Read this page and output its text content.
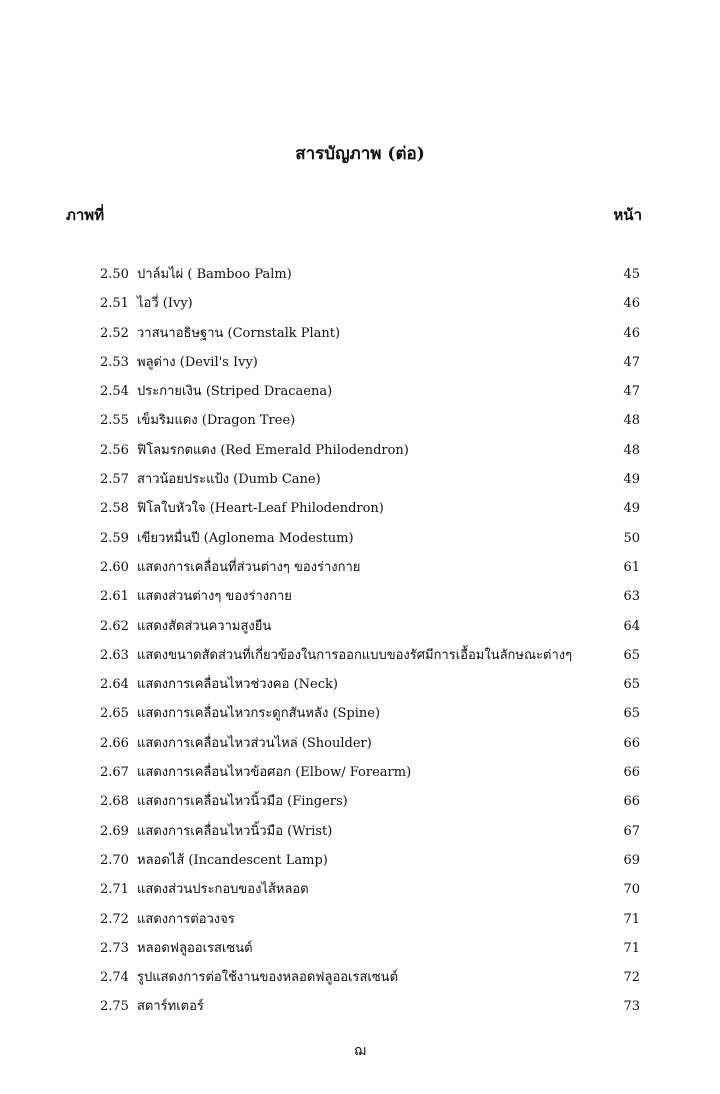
สารบัญภาพ (ต่อ)
ภาพที่	หน้า
2.50 ปาล์มไผ่ ( Bamboo Palm)	45
2.51 ไอวี่ (Ivy)	46
2.52 วาสนาอธิษฐาน (Cornstalk Plant)	46
2.53 พลูด่าง (Devil's Ivy)	47
2.54 ประกายเงิน (Striped Dracaena)	47
2.55 เข็มริมแดง (Dragon Tree)	48
2.56 ฟิโลมรกตแดง (Red Emerald Philodendron)	48
2.57 สาวน้อยประแป้ง (Dumb Cane)	49
2.58 ฟิโลใบหัวใจ (Heart-Leaf Philodendron)	49
2.59 เขียวหมื่นปี (Aglonema Modestum)	50
2.60 แสดงการเคลื่อนที่ส่วนต่างๆ ของร่างกาย	61
2.61 แสดงส่วนต่างๆ ของร่างกาย	63
2.62 แสดงสัดส่วนความสูงยืน	64
2.63 แสดงขนาดสัดส่วนที่เกี่ยวข้องในการออกแบบของรัศมีการเอื้อมในลักษณะต่างๆ	65
2.64 แสดงการเคลื่อนไหวช่วงคอ (Neck)	65
2.65 แสดงการเคลื่อนไหวกระดูกสันหลัง (Spine)	65
2.66 แสดงการเคลื่อนไหวส่วนไหล่ (Shoulder)	66
2.67 แสดงการเคลื่อนไหวข้อศอก (Elbow/ Forearm)	66
2.68 แสดงการเคลื่อนไหวนิ้วมือ (Fingers)	66
2.69 แสดงการเคลื่อนไหวนิ้วมือ (Wrist)	67
2.70 หลอดไส้ (Incandescent Lamp)	69
2.71 แสดงส่วนประกอบของไส้หลอด	70
2.72 แสดงการต่อวงจร	71
2.73 หลอดฟลูออเรสเซนต์	71
2.74 รูปแสดงการต่อใช้งานของหลอดฟลูออเรสเซนต์	72
2.75 สตาร์ทเตอร์	73
ฌ
